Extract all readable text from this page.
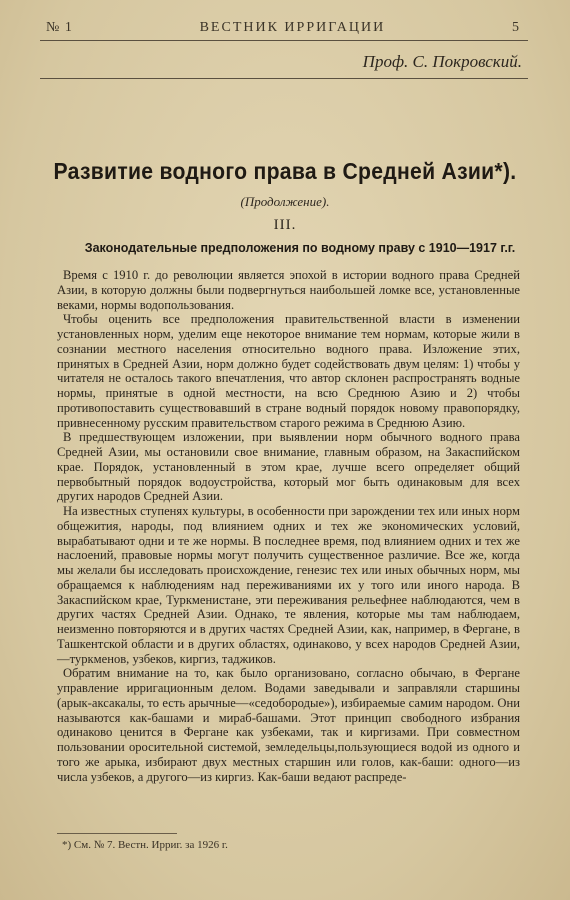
№ 1	ВЕСТНИК ИРРИГАЦИИ	5
Проф. С. Покровский.
Развитие водного права в Средней Азии*).
(Продолжение).
III.
Законодательные предположения по водному праву с 1910—1917 г.г.

Время с 1910 г. до революции является эпохой в истории водного права Средней Азии, в которую должны были подвергнуться наибольшей ломке все, установленные веками, нормы водопользования.

Чтобы оценить все предположения правительственной власти в изменении установленных норм, уделим еще некоторое внимание тем нормам, которые жили в сознании местного населения относительно водного права. Изложение этих, принятых в Средней Азии, норм должно будет содействовать двум целям: 1) чтобы у читателя не осталось такого впечатления, что автор склонен распространять водные нормы, принятые в одной местности, на всю Среднюю Азию и 2) чтобы противопоставить существовавший в стране водный порядок новому правопорядку, привнесенному русским правительством старого режима в Среднюю Азию.

В предшествующем изложении, при выявлении норм обычного водного права Средней Азии, мы остановили свое внимание, главным образом, на Закаспийском крае. Порядок, установленный в этом крае, лучше всего определяет общий первобытный порядок водоустройства, который мог быть одинаковым для всех других народов Средней Азии.

На известных ступенях культуры, в особенности при зарождении тех или иных норм общежития, народы, под влиянием одних и тех же экономических условий, вырабатывают одни и те же нормы. В последнее время, под влиянием одних и тех же наслоений, правовые нормы могут получить существенное различие. Все же, когда мы желали бы исследовать происхождение, генезис тех или иных обычных норм, мы обращаемся к наблюдениям над переживаниями их у того или иного народа. В Закаспийском крае, Туркменистане, эти переживания рельефнее наблюдаются, чем в других частях Средней Азии. Однако, те явления, которые мы там наблюдаем, неизменно повторяются и в других частях Средней Азии, как, например, в Фергане, в Ташкентской области и в других областях, одинаково, у всех народов Средней Азии,—туркменов, узбеков, киргиз, таджиков.

Обратим внимание на то, как было организовано, согласно обычаю, в Фергане управление ирригационным делом. Водами заведывали и заправляли старшины (арык-аксакалы, то есть арычные—«седобородые»), избираемые самим народом. Они называются как-башами и мираб-башами. Этот принцип свободного избрания одинаково ценится в Фергане как узбеками, так и киргизами. При совместном пользовании оросительной системой, земледельцы,пользующиеся водой из одного и того же арыка, избирают двух местных старшин или голов, как-баши: одного—из числа узбеков, а другого—из киргиз. Как-баши ведают распреде-

*) См. № 7. Вестн. Ирриг. за 1926 г.
